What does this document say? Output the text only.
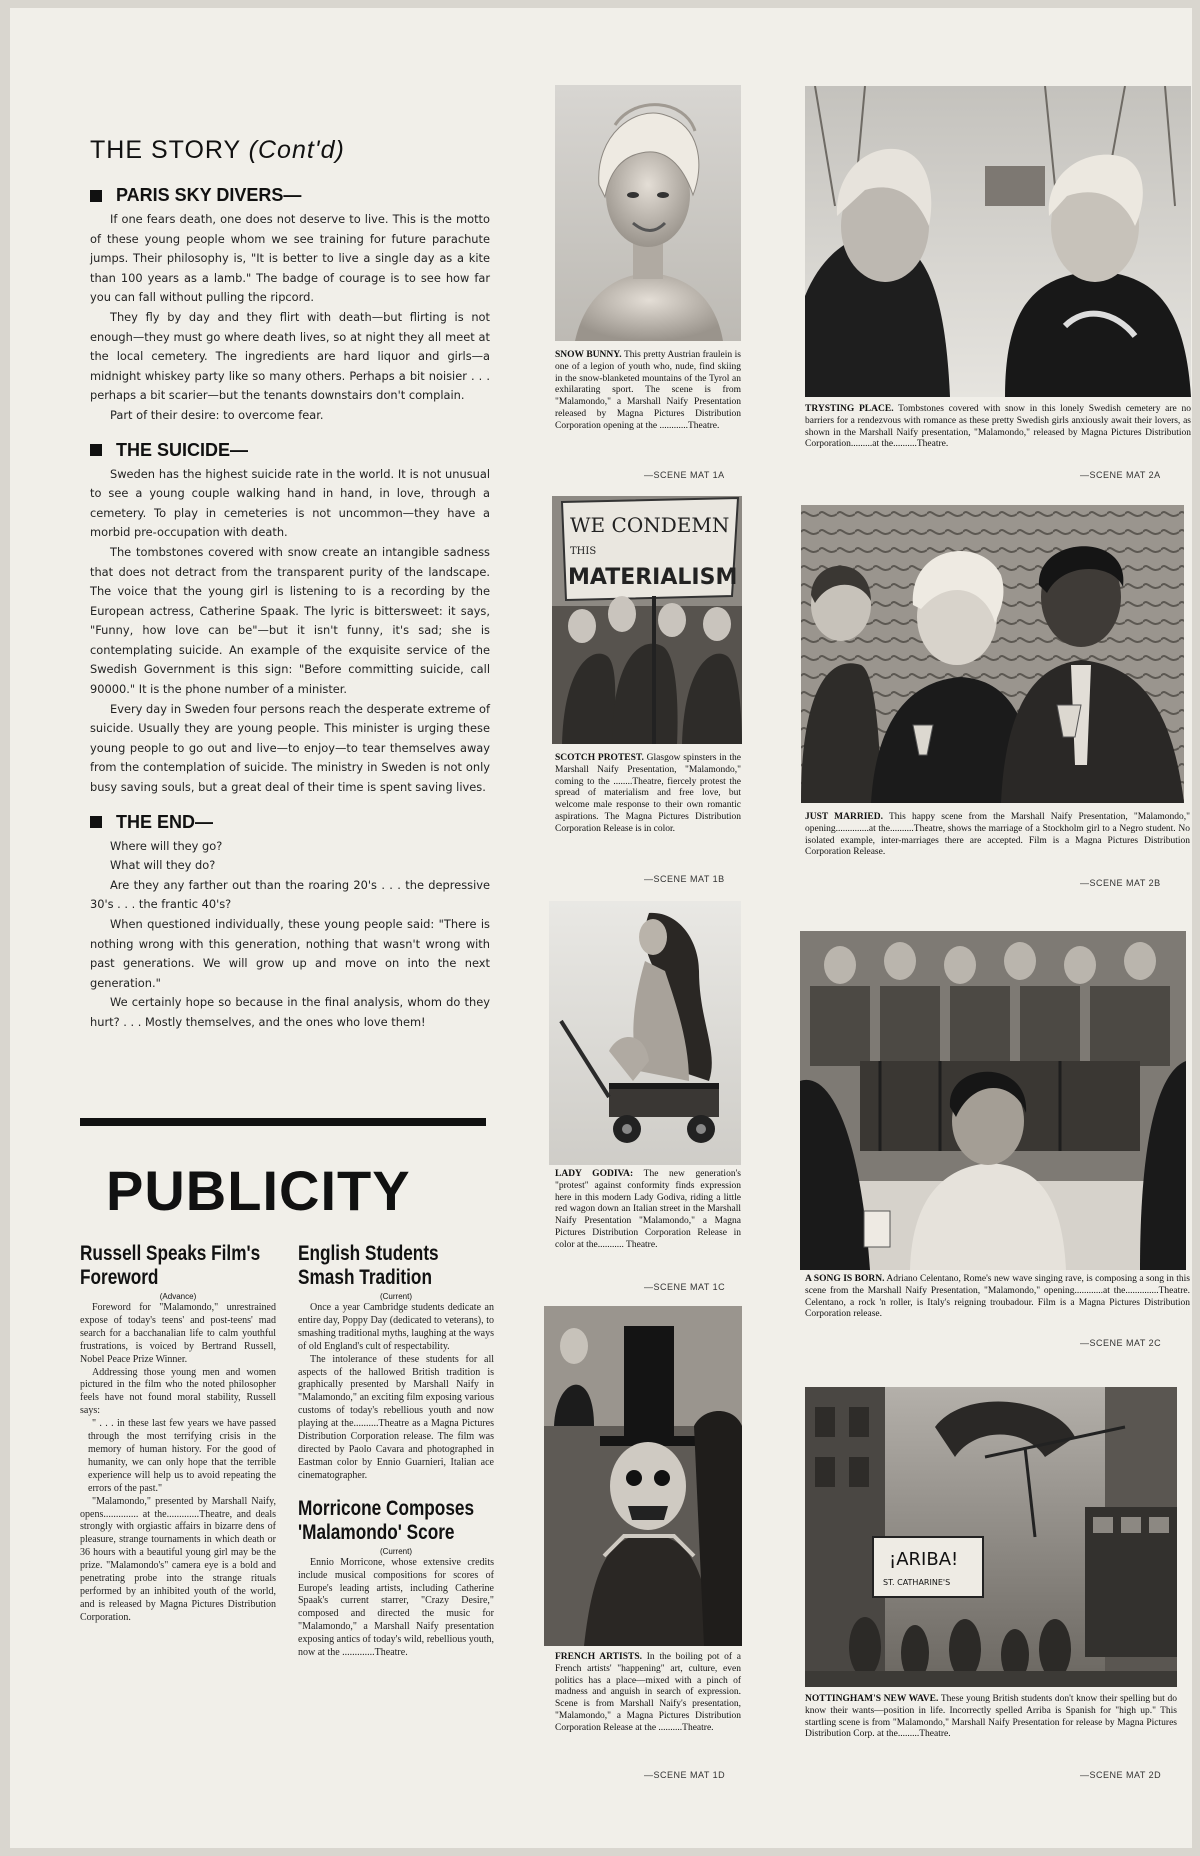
THE STORY (Cont'd)
PARIS SKY DIVERS—

If one fears death, one does not deserve to live. This is the motto of these young people whom we see training for future parachute jumps. Their philosophy is, "It is better to live a single day as a kite than 100 years as a lamb." The badge of courage is to see how far you can fall without pulling the ripcord.

They fly by day and they flirt with death—but flirting is not enough—they must go where death lives, so at night they all meet at the local cemetery. The ingredients are hard liquor and girls—a midnight whiskey party like so many others. Perhaps a bit noisier . . . perhaps a bit scarier—but the tenants downstairs don't complain.

Part of their desire: to overcome fear.

THE SUICIDE—

Sweden has the highest suicide rate in the world. It is not unusual to see a young couple walking hand in hand, in love, through a cemetery. To play in cemeteries is not uncommon—they have a morbid pre-occupation with death.

The tombstones covered with snow create an intangible sadness that does not detract from the transparent purity of the landscape. The voice that the young girl is listening to is a recording by the European actress, Catherine Spaak. The lyric is bittersweet: it says, "Funny, how love can be"—but it isn't funny, it's sad; she is contemplating suicide. An example of the exquisite service of the Swedish Government is this sign: "Before committing suicide, call 90000." It is the phone number of a minister.

Every day in Sweden four persons reach the desperate extreme of suicide. Usually they are young people. This minister is urging these young people to go out and live—to enjoy—to tear themselves away from the contemplation of suicide. The ministry in Sweden is not only busy saving souls, but a great deal of their time is spent saving lives.

THE END—

Where will they go?

What will they do?

Are they any farther out than the roaring 20's . . . the depressive 30's . . . the frantic 40's?

When questioned individually, these young people said: "There is nothing wrong with this generation, nothing that wasn't wrong with past generations. We will grow up and move on into the next generation."

We certainly hope so because in the final analysis, whom do they hurt? . . . Mostly themselves, and the ones who love them!

PUBLICITY
Russell Speaks Film's Foreword
(Advance)

Foreword for "Malamondo," unrestrained expose of today's teens' and post-teens' mad search for a bacchanalian life to calm youthful frustrations, is voiced by Bertrand Russell, Nobel Peace Prize Winner.

Addressing those young men and women pictured in the film who the noted philosopher feels have not found moral stability, Russell says:

" . . . in these last few years we have passed through the most terrifying crisis in the memory of human history. For the good of humanity, we can only hope that the terrible experience will help us to avoid repeating the errors of the past."

"Malamondo," presented by Marshall Naify, opens.............. at the.............Theatre, and deals strongly with orgiastic affairs in bizarre dens of pleasure, strange tournaments in which death or 36 hours with a beautiful young girl may be the prize. "Malamondo's" camera eye is a bold and penetrating probe into the strange rituals performed by an inhibited youth of the world, and is released by Magna Pictures Distribution Corporation.

English Students Smash Tradition
(Current)

Once a year Cambridge students dedicate an entire day, Poppy Day (dedicated to veterans), to smashing traditional myths, laughing at the ways of old England's cult of respectability.

The intolerance of these students for all aspects of the hallowed British tradition is graphically presented by Marshall Naify in "Malamondo," an exciting film exposing various customs of today's rebellious youth and now playing at the..........Theatre as a Magna Pictures Distribution Corporation release. The film was directed by Paolo Cavara and photographed in Eastman color by Ennio Guarnieri, Italian ace cinematographer.

Morricone Composes 'Malamondo' Score
(Current)

Ennio Morricone, whose extensive credits include musical compositions for scores of Europe's leading artists, including Catherine Spaak's current starrer, "Crazy Desire," composed and directed the music for "Malamondo," a Marshall Naify presentation exposing antics of today's wild, rebellious youth, now at the .............Theatre.

SNOW BUNNY. This pretty Austrian fraulein is one of a legion of youth who, nude, find skiing in the snow-blanketed mountains of the Tyrol an exhilarating sport. The scene is from "Malamondo," a Marshall Naify Presentation released by Magna Pictures Distribution Corporation opening at the ............Theatre.
—SCENE MAT 1A
TRYSTING PLACE. Tombstones covered with snow in this lonely Swedish cemetery are no barriers for a rendezvous with romance as these pretty Swedish girls anxiously await their lovers, as shown in the Marshall Naify presentation, "Malamondo," released by Magna Pictures Distribution Corporation.........at the..........Theatre.
—SCENE MAT 2A
WE CONDEMN
THIS
MATERIALISM
SCOTCH PROTEST. Glasgow spinsters in the Marshall Naify Presentation, "Malamondo," coming to the ........Theatre, fiercely protest the spread of materialism and free love, but welcome male response to their own romantic aspirations. The Magna Pictures Distribution Corporation Release is in color.
—SCENE MAT 1B
JUST MARRIED. This happy scene from the Marshall Naify Presentation, "Malamondo," opening..............at the..........Theatre, shows the marriage of a Stockholm girl to a Negro student. No isolated example, inter-marriages there are accepted. Film is a Magna Pictures Distribution Corporation Release.
—SCENE MAT 2B
LADY GODIVA: The new generation's "protest" against conformity finds expression here in this modern Lady Godiva, riding a little red wagon down an Italian street in the Marshall Naify Presentation "Malamondo," a Magna Pictures Distribution Corporation Release in color at the........... Theatre.
—SCENE MAT 1C
A SONG IS BORN. Adriano Celentano, Rome's new wave singing rave, is composing a song in this scene from the Marshall Naify Presentation, "Malamondo," opening............at the..............Theatre. Celentano, a rock 'n roller, is Italy's reigning troubadour. Film is a Magna Pictures Distribution Corporation release.
—SCENE MAT 2C
FRENCH ARTISTS. In the boiling pot of a French artists' "happening" art, culture, even politics has a place—mixed with a pinch of madness and anguish in search of expression. Scene is from Marshall Naify's presentation, "Malamondo," a Magna Pictures Distribution Corporation Release at the ..........Theatre.
—SCENE MAT 1D
¡ARIBA!
ST. CATHARINE'S
NOTTINGHAM'S NEW WAVE. These young British students don't know their spelling but do know their wants—position in life. Incorrectly spelled Arriba is Spanish for "high up." This startling scene is from "Malamondo," Marshall Naify Presentation for release by Magna Pictures Distribution Corp. at the.........Theatre.
—SCENE MAT 2D
